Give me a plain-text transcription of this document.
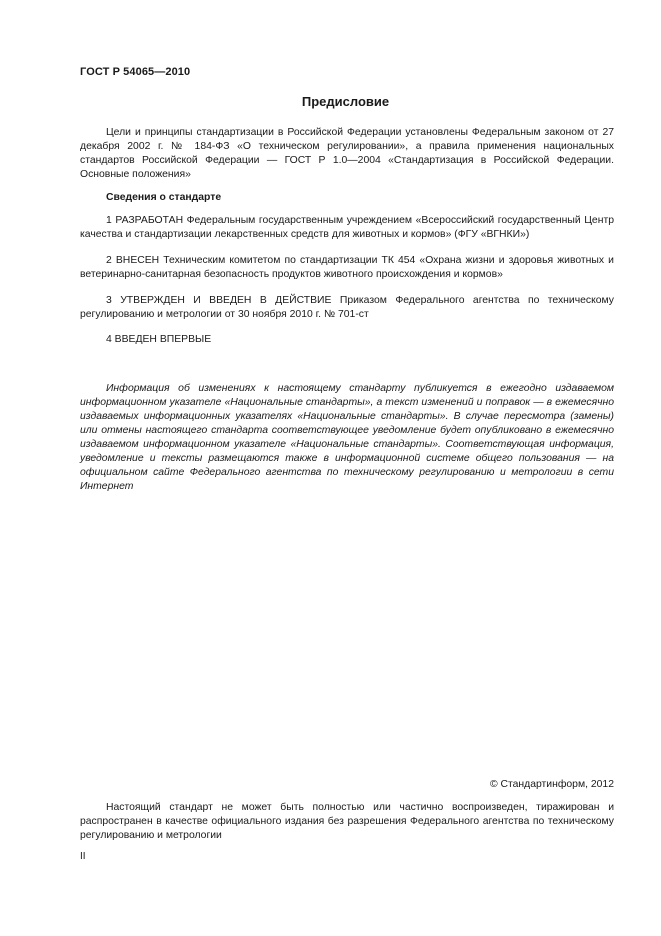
ГОСТ Р 54065—2010
Предисловие

Цели и принципы стандартизации в Российской Федерации установлены Федеральным законом от 27 декабря 2002 г. № 184-ФЗ «О техническом регулировании», а правила применения национальных стандартов Российской Федерации — ГОСТ Р 1.0—2004 «Стандартизация в Российской Федерации. Основные положения»

Сведения о стандарте

1 РАЗРАБОТАН Федеральным государственным учреждением «Всероссийский государственный Центр качества и стандартизации лекарственных средств для животных и кормов» (ФГУ «ВГНКИ»)

2 ВНЕСЕН Техническим комитетом по стандартизации ТК 454 «Охрана жизни и здоровья животных и ветеринарно-санитарная безопасность продуктов животного происхождения и кормов»

3 УТВЕРЖДЕН И ВВЕДЕН В ДЕЙСТВИЕ Приказом Федерального агентства по техническому регулированию и метрологии от 30 ноября 2010 г. № 701-ст

4 ВВЕДЕН ВПЕРВЫЕ

Информация об изменениях к настоящему стандарту публикуется в ежегодно издаваемом информационном указателе «Национальные стандарты», а текст изменений и поправок — в ежемесячно издаваемых информационных указателях «Национальные стандарты». В случае пересмотра (замены) или отмены настоящего стандарта соответствующее уведомление будет опубликовано в ежемесячно издаваемом информационном указателе «Национальные стандарты». Соответствующая информация, уведомление и тексты размещаются также в информационной системе общего пользования — на официальном сайте Федерального агентства по техническому регулированию и метрологии в сети Интернет

© Стандартинформ, 2012

Настоящий стандарт не может быть полностью или частично воспроизведен, тиражирован и распространен в качестве официального издания без разрешения Федерального агентства по техническому регулированию и метрологии

II
